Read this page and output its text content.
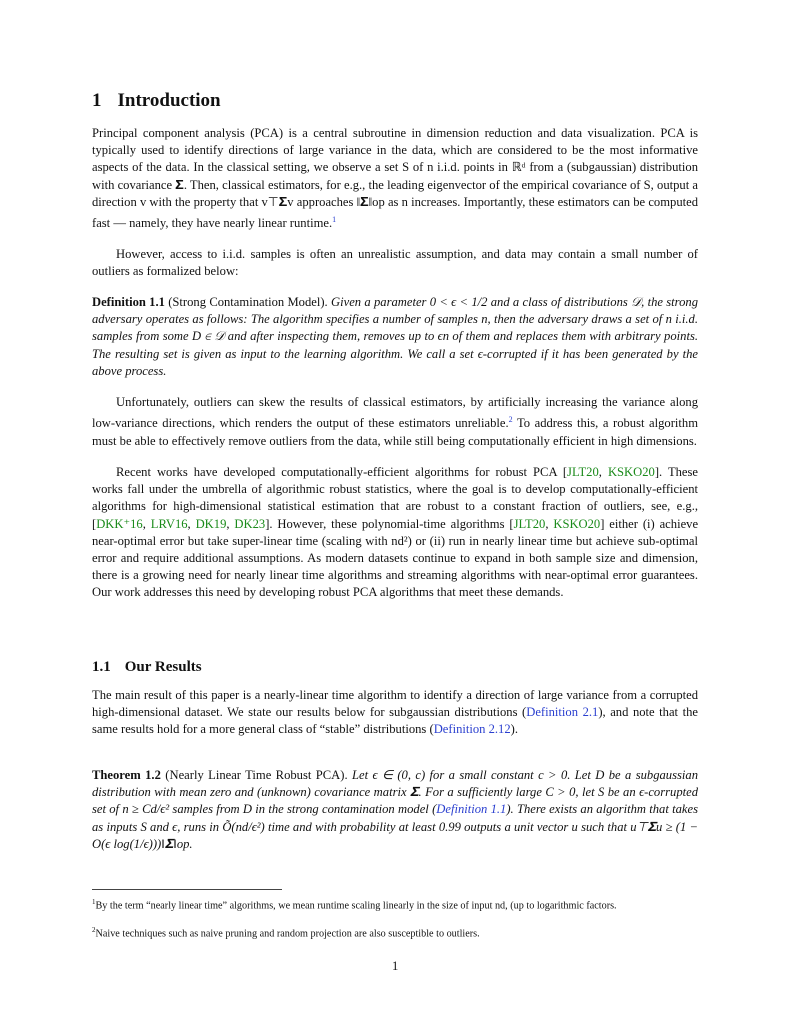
1 Introduction
Principal component analysis (PCA) is a central subroutine in dimension reduction and data visualization. PCA is typically used to identify directions of large variance in the data, which are considered to be the most informative aspects of the data. In the classical setting, we observe a set S of n i.i.d. points in ℝᵈ from a (subgaussian) distribution with covariance 𝚺. Then, classical estimators, for e.g., the leading eigenvector of the empirical covariance of S, output a direction v with the property that v⊤𝚺v approaches ‖𝚺‖op as n increases. Importantly, these estimators can be computed fast — namely, they have nearly linear runtime.$^1$
However, access to i.i.d. samples is often an unrealistic assumption, and data may contain a small number of outliers as formalized below:
Definition 1.1 (Strong Contamination Model). Given a parameter 0 < ϵ < 1/2 and a class of distributions 𝒟, the strong adversary operates as follows: The algorithm specifies a number of samples n, then the adversary draws a set of n i.i.d. samples from some D ∈ 𝒟 and after inspecting them, removes up to ϵn of them and replaces them with arbitrary points. The resulting set is given as input to the learning algorithm. We call a set ϵ-corrupted if it has been generated by the above process.
Unfortunately, outliers can skew the results of classical estimators, by artificially increasing the variance along low-variance directions, which renders the output of these estimators unreliable.$^2$ To address this, a robust algorithm must be able to effectively remove outliers from the data, while still being computationally efficient in high dimensions.
Recent works have developed computationally-efficient algorithms for robust PCA [JLT20, KSKO20]. These works fall under the umbrella of algorithmic robust statistics, where the goal is to develop computationally-efficient algorithms for high-dimensional statistical estimation that are robust to a constant fraction of outliers, see, e.g., [DKK⁺16, LRV16, DK19, DK23]. However, these polynomial-time algorithms [JLT20, KSKO20] either (i) achieve near-optimal error but take super-linear time (scaling with nd²) or (ii) run in nearly linear time but achieve sub-optimal error and require additional assumptions. As modern datasets continue to expand in both sample size and dimension, there is a growing need for nearly linear time algorithms and streaming algorithms with near-optimal error guarantees. Our work addresses this need by developing robust PCA algorithms that meet these demands.
1.1 Our Results
The main result of this paper is a nearly-linear time algorithm to identify a direction of large variance from a corrupted high-dimensional dataset. We state our results below for subgaussian distributions (Definition 2.1), and note that the same results hold for a more general class of “stable” distributions (Definition 2.12).
Theorem 1.2 (Nearly Linear Time Robust PCA). Let ϵ ∈ (0, c) for a small constant c > 0. Let D be a subgaussian distribution with mean zero and (unknown) covariance matrix 𝚺. For a sufficiently large C > 0, let S be an ϵ-corrupted set of n ≥ Cd/ϵ² samples from D in the strong contamination model (Definition 1.1). There exists an algorithm that takes as inputs S and ϵ, runs in Õ(nd/ϵ²) time and with probability at least 0.99 outputs a unit vector u such that u⊤𝚺u ≥ (1 − O(ϵ log(1/ϵ)))‖𝚺‖op.
$^1$By the term “nearly linear time” algorithms, we mean runtime scaling linearly in the size of input nd, (up to logarithmic factors.
$^2$Naive techniques such as naive pruning and random projection are also susceptible to outliers.
1
